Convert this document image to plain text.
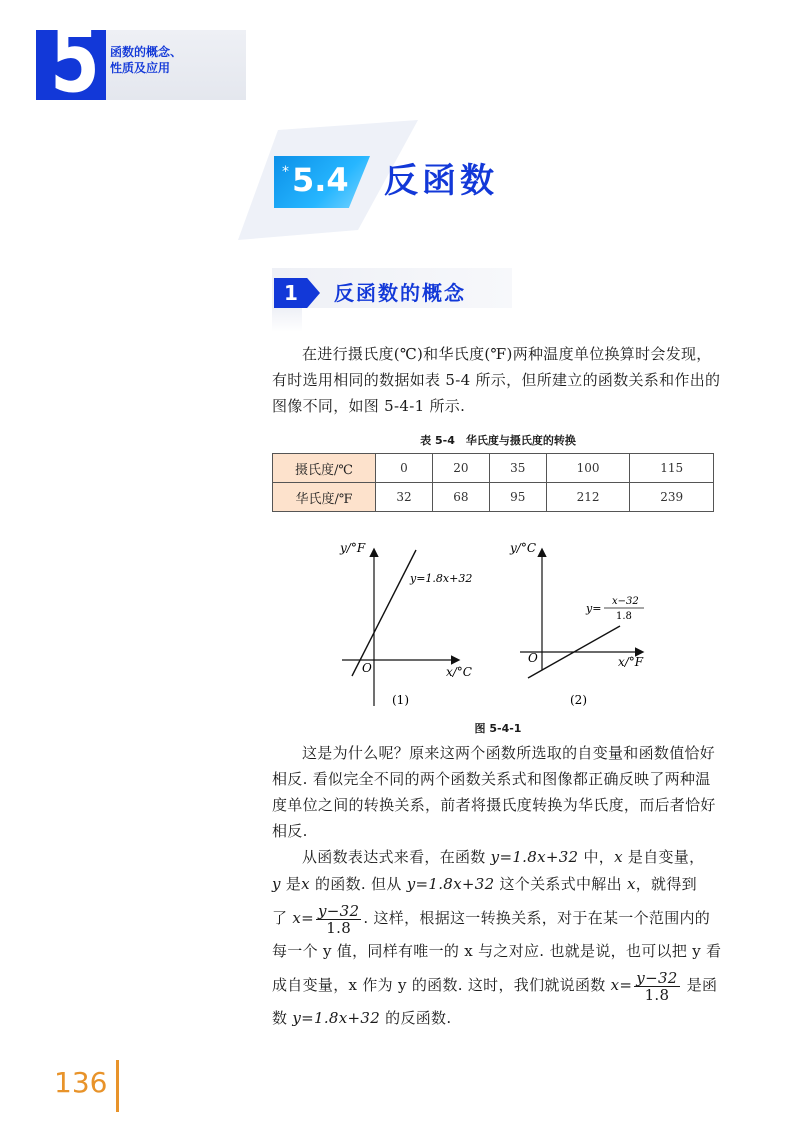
5 函数的概念、
性质及应用
* 5.4 反函数
1 反函数的概念
在进行摄氏度(℃)和华氏度(℉)两种温度单位换算时会发现，有时选用相同的数据如表 5-4 所示，但所建立的函数关系和作出的图像不同，如图 5-4-1 所示.
表 5-4　华氏度与摄氏度的转换
摄氏度/℃	0	20	35	100	115
华氏度/℉	32	68	95	212	239
y/°F
y=1.8x+32
O	x/°C
(1)
y/°C
y=
x−32
1.8
O	x/°F
(2)
图 5-4-1
这是为什么呢？原来这两个函数所选取的自变量和函数值恰好相反. 看似完全不同的两个函数关系式和图像都正确反映了两种温度单位之间的转换关系，前者将摄氏度转换为华氏度，而后者恰好相反.
从函数表达式来看，在函数 y=1.8x+32 中，x 是自变量，
y 是x 的函数. 但从 y=1.8x+32 这个关系式中解出 x，就得到
了 $x= \frac{y-32}{1.8}$ . 这样，根据这一转换关系，对于在某一个范围内的
每一个 y 值，同样有唯一的 x 与之对应. 也就是说，也可以把 y 看
成自变量，x 作为 y 的函数. 这时，我们就说函数 $x= \frac{y-32}{1.8}$ 是函
数 y=1.8x+32 的反函数.
136
